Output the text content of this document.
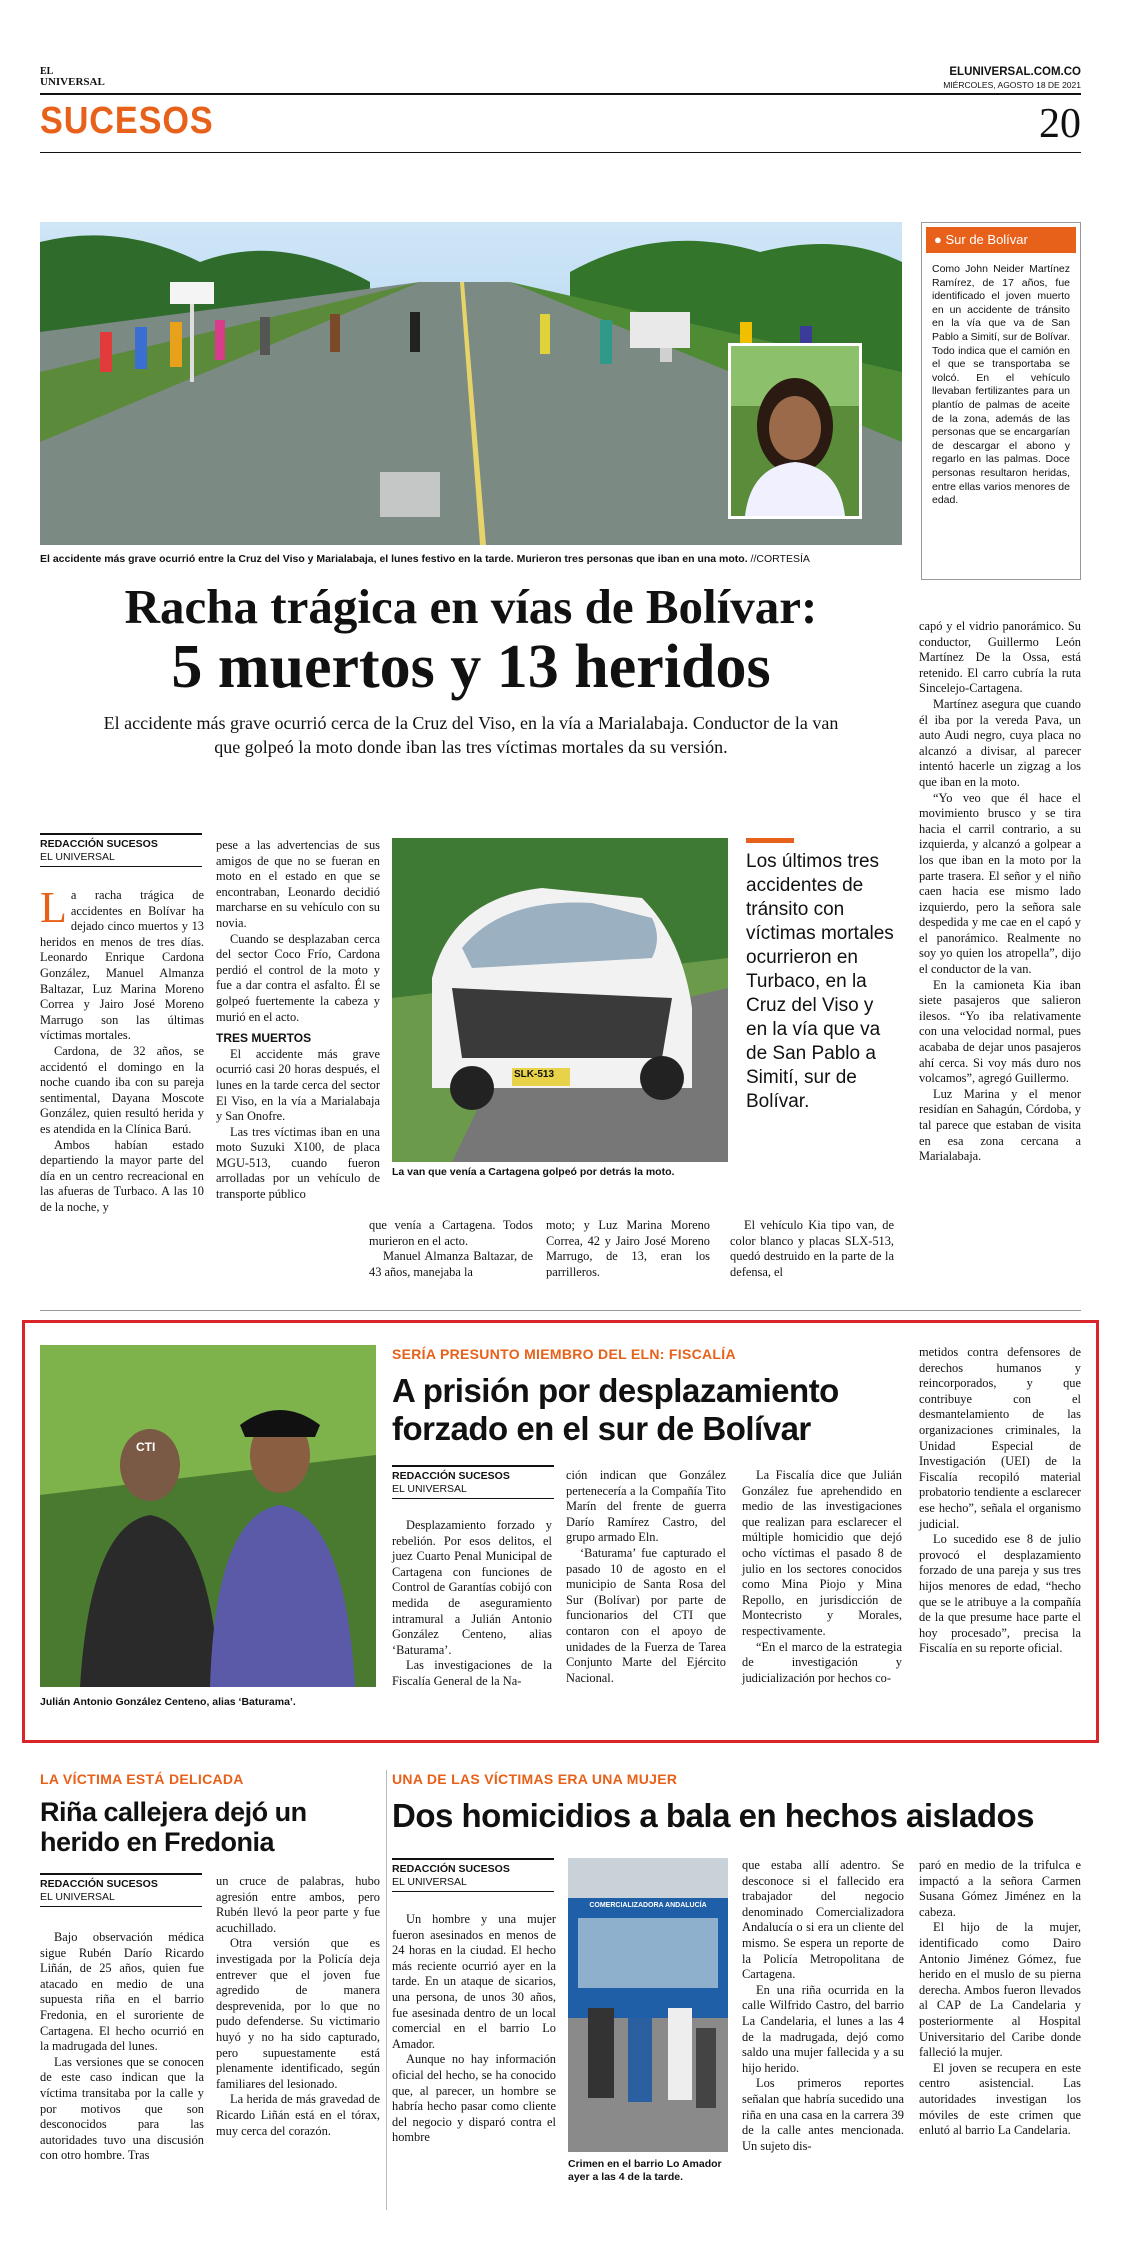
EL
UNIVERSAL
ELUNIVERSAL.COM.CO
MIÉRCOLES, AGOSTO 18 DE 2021
SUCESOS	20
El accidente más grave ocurrió entre la Cruz del Viso y Marialabaja, el lunes festivo en la tarde. Murieron tres personas que iban en una moto. //CORTESÍA
● Sur de Bolívar
Como John Neider Martínez Ramírez, de 17 años, fue identificado el joven muerto en un accidente de tránsito en la vía que va de San Pablo a Simití, sur de Bolívar. Todo indica que el camión en el que se transportaba se volcó. En el vehículo llevaban fertilizantes para un plantío de palmas de aceite de la zona, además de las personas que se encargarían de descargar el abono y regarlo en las palmas. Doce personas resultaron heridas, entre ellas varios menores de edad.
Racha trágica en vías de Bolívar:
5 muertos y 13 heridos
El accidente más grave ocurrió cerca de la Cruz del Viso, en la vía a Marialabaja. Conductor de la van que golpeó la moto donde iban las tres víctimas mortales da su versión.
REDACCIÓN SUCESOS
EL UNIVERSAL

La racha trágica de accidentes en Bolívar ha dejado cinco muertos y 13 heridos en menos de tres días. Leonardo Enrique Cardona González, Manuel Almanza Baltazar, Luz Marina Moreno Correa y Jairo José Moreno Marrugo son las últimas víctimas mortales.

Cardona, de 32 años, se accidentó el domingo en la noche cuando iba con su pareja sentimental, Dayana Moscote González, quien resultó herida y es atendida en la Clínica Barú.

Ambos habían estado departiendo la mayor parte del día en un centro recreacional en las afueras de Turbaco. A las 10 de la noche, y

pese a las advertencias de sus amigos de que no se fueran en moto en el estado en que se encontraban, Leonardo decidió marcharse en su vehículo con su novia.

Cuando se desplazaban cerca del sector Coco Frío, Cardona perdió el control de la moto y fue a dar contra el asfalto. Él se golpeó fuertemente la cabeza y murió en el acto.

TRES MUERTOS

El accidente más grave ocurrió casi 20 horas después, el lunes en la tarde cerca del sector El Viso, en la vía a Marialabaja y San Onofre.

Las tres víctimas iban en una moto Suzuki X100, de placa MGU-513, cuando fueron arrolladas por un vehículo de transporte público

SLK-513
La van que venía a Cartagena golpeó por detrás la moto.
Los últimos tres accidentes de tránsito con víctimas mortales ocurrieron en Turbaco, en la Cruz del Viso y en la vía que va de San Pablo a Simití, sur de Bolívar.

que venía a Cartagena. Todos murieron en el acto.

Manuel Almanza Baltazar, de 43 años, manejaba la

moto; y Luz Marina Moreno Correa, 42 y Jairo José Moreno Marrugo, de 13, eran los parrilleros.

El vehículo Kia tipo van, de color blanco y placas SLX-513, quedó destruido en la parte de la defensa, el

capó y el vidrio panorámico. Su conductor, Guillermo León Martínez De la Ossa, está retenido. El carro cubría la ruta Sincelejo-Cartagena.

Martínez asegura que cuando él iba por la vereda Pava, un auto Audi negro, cuya placa no alcanzó a divisar, al parecer intentó hacerle un zigzag a los que iban en la moto.

“Yo veo que él hace el movimiento brusco y se tira hacia el carril contrario, a su izquierda, y alcanzó a golpear a los que iban en la moto por la parte trasera. El señor y el niño caen hacia ese mismo lado izquierdo, pero la señora sale despedida y me cae en el capó y el panorámico. Realmente no soy yo quien los atropella”, dijo el conductor de la van.

En la camioneta Kia iban siete pasajeros que salieron ilesos. “Yo iba relativamente con una velocidad normal, pues acababa de dejar unos pasajeros ahí cerca. Si voy más duro nos volcamos”, agregó Guillermo.

Luz Marina y el menor residían en Sahagún, Córdoba, y tal parece que estaban de visita en esa zona cercana a Marialabaja.

CTI
Julián Antonio González Centeno, alias ‘Baturama’.
SERÍA PRESUNTO MIEMBRO DEL ELN: FISCALÍA
A prisión por desplazamiento
forzado en el sur de Bolívar
REDACCIÓN SUCESOS
EL UNIVERSAL

Desplazamiento forzado y rebelión. Por esos delitos, el juez Cuarto Penal Municipal de Cartagena con funciones de Control de Garantías cobijó con medida de aseguramiento intramural a Julián Antonio González Centeno, alias ‘Baturama’.

Las investigaciones de la Fiscalía General de la Na-

ción indican que González pertenecería a la Compañía Tito Marín del frente de guerra Darío Ramírez Castro, del grupo armado Eln.

‘Baturama’ fue capturado el pasado 10 de agosto en el municipio de Santa Rosa del Sur (Bolívar) por parte de funcionarios del CTI que contaron con el apoyo de unidades de la Fuerza de Tarea Conjunto Marte del Ejército Nacional.

La Fiscalía dice que Julián González fue aprehendido en medio de las investigaciones que realizan para esclarecer el múltiple homicidio que dejó ocho víctimas el pasado 8 de julio en los sectores conocidos como Mina Piojo y Mina Repollo, en jurisdicción de Montecristo y Morales, respectivamente.

“En el marco de la estrategia de investigación y judicialización por hechos co-

metidos contra defensores de derechos humanos y reincorporados, y que contribuye con el desmantelamiento de las organizaciones criminales, la Unidad Especial de Investigación (UEI) de la Fiscalía recopiló material probatorio tendiente a esclarecer ese hecho”, señala el organismo judicial.

Lo sucedido ese 8 de julio provocó el desplazamiento forzado de una pareja y sus tres hijos menores de edad, “hecho que se le atribuye a la compañía de la que presume hace parte el hoy procesado”, precisa la Fiscalía en su reporte oficial.

LA VÍCTIMA ESTÁ DELICADA
Riña callejera dejó un
herido en Fredonia
REDACCIÓN SUCESOS
EL UNIVERSAL

Bajo observación médica sigue Rubén Darío Ricardo Liñán, de 25 años, quien fue atacado en medio de una supuesta riña en el barrio Fredonia, en el suroriente de Cartagena. El hecho ocurrió en la madrugada del lunes.

Las versiones que se conocen de este caso indican que la víctima transitaba por la calle y por motivos que son desconocidos para las autoridades tuvo una discusión con otro hombre. Tras

un cruce de palabras, hubo agresión entre ambos, pero Rubén llevó la peor parte y fue acuchillado.

Otra versión que es investigada por la Policía deja entrever que el joven fue agredido de manera desprevenida, por lo que no pudo defenderse. Su victimario huyó y no ha sido capturado, pero supuestamente está plenamente identificado, según familiares del lesionado.

La herida de más gravedad de Ricardo Liñán está en el tórax, muy cerca del corazón.

UNA DE LAS VÍCTIMAS ERA UNA MUJER
Dos homicidios a bala en hechos aislados
REDACCIÓN SUCESOS
EL UNIVERSAL

Un hombre y una mujer fueron asesinados en menos de 24 horas en la ciudad. El hecho más reciente ocurrió ayer en la tarde. En un ataque de sicarios, una persona, de unos 30 años, fue asesinada dentro de un local comercial en el barrio Lo Amador.

Aunque no hay información oficial del hecho, se ha conocido que, al parecer, un hombre se habría hecho pasar como cliente del negocio y disparó contra el hombre

COMERCIALIZADORA ANDALUCÍA
Crimen en el barrio Lo Amador ayer a las 4 de la tarde.

que estaba allí adentro. Se desconoce si el fallecido era trabajador del negocio denominado Comercializadora Andalucía o si era un cliente del mismo. Se espera un reporte de la Policía Metropolitana de Cartagena.

En una riña ocurrida en la calle Wilfrido Castro, del barrio La Candelaria, el lunes a las 4 de la madrugada, dejó como saldo una mujer fallecida y a su hijo herido.

Los primeros reportes señalan que habría sucedido una riña en una casa en la carrera 39 de la calle antes mencionada. Un sujeto dis-

paró en medio de la trifulca e impactó a la señora Carmen Susana Gómez Jiménez en la cabeza.

El hijo de la mujer, identificado como Dairo Antonio Jiménez Gómez, fue herido en el muslo de su pierna derecha. Ambos fueron llevados al CAP de La Candelaria y posteriormente al Hospital Universitario del Caribe donde falleció la mujer.

El joven se recupera en este centro asistencial. Las autoridades investigan los móviles de este crimen que enlutó al barrio La Candelaria.
